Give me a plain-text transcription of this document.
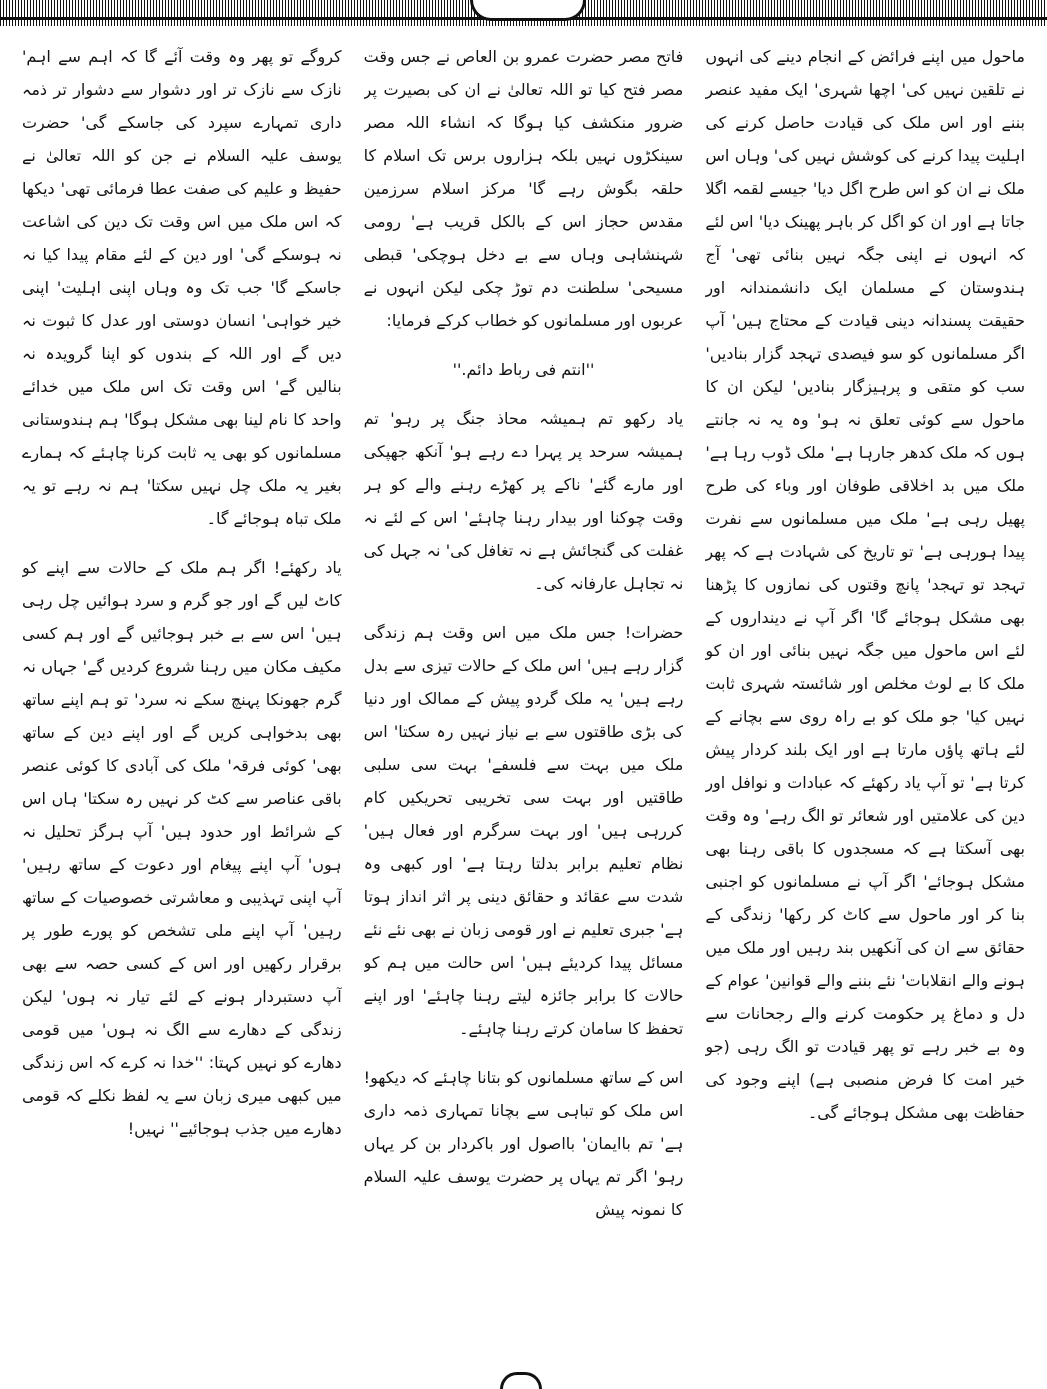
ماحول میں اپنے فرائض کے انجام دینے کی انہوں نے تلقین نہیں کی' اچھا شہری' ایک مفید عنصر بننے اور اس ملک کی قیادت حاصل کرنے کی اہلیت پیدا کرنے کی کوشش نہیں کی' وہاں اس ملک نے ان کو اس طرح اگل دیا' جیسے لقمہ اگلا جاتا ہے اور ان کو اگل کر باہر پھینک دیا' اس لئے کہ انہوں نے اپنی جگہ نہیں بنائی تھی' آج ہندوستان کے مسلمان ایک دانشمندانہ اور حقیقت پسندانہ دینی قیادت کے محتاج ہیں' آپ اگر مسلمانوں کو سو فیصدی تہجد گزار بنادیں' سب کو متقی و پرہیزگار بنادیں' لیکن ان کا ماحول سے کوئی تعلق نہ ہو' وہ یہ نہ جانتے ہوں کہ ملک کدھر جارہا ہے' ملک ڈوب رہا ہے' ملک میں بد اخلاقی طوفان اور وباء کی طرح پھیل رہی ہے' ملک میں مسلمانوں سے نفرت پیدا ہورہی ہے' تو تاریخ کی شہادت ہے کہ پھر تہجد تو تہجد' پانچ وقتوں کی نمازوں کا پڑھنا بھی مشکل ہوجائے گا' اگر آپ نے دینداروں کے لئے اس ماحول میں جگہ نہیں بنائی اور ان کو ملک کا بے لوث مخلص اور شائستہ شہری ثابت نہیں کیا' جو ملک کو بے راہ روی سے بچانے کے لئے ہاتھ پاؤں مارتا ہے اور ایک بلند کردار پیش کرتا ہے' تو آپ یاد رکھئے کہ عبادات و نوافل اور دین کی علامتیں اور شعائر تو الگ رہے' وہ وقت بھی آسکتا ہے کہ مسجدوں کا باقی رہنا بھی مشکل ہوجائے' اگر آپ نے مسلمانوں کو اجنبی بنا کر اور ماحول سے کاٹ کر رکھا' زندگی کے حقائق سے ان کی آنکھیں بند رہیں اور ملک میں ہونے والے انقلابات' نئے بننے والے قوانین' عوام کے دل و دماغ پر حکومت کرنے والے رجحانات سے وہ بے خبر رہے تو پھر قیادت تو الگ رہی (جو خیر امت کا فرض منصبی ہے) اپنے وجود کی حفاظت بھی مشکل ہوجائے گی۔

فاتح مصر حضرت عمرو بن العاص نے جس وقت مصر فتح کیا تو اللہ تعالیٰ نے ان کی بصیرت پر ضرور منکشف کیا ہوگا کہ انشاء اللہ مصر سینکڑوں نہیں بلکہ ہزاروں برس تک اسلام کا حلقہ بگوش رہے گا' مرکز اسلام سرزمین مقدس حجاز اس کے بالکل قریب ہے' رومی شہنشاہی وہاں سے بے دخل ہوچکی' قبطی مسیحی' سلطنت دم توڑ چکی لیکن انہوں نے عربوں اور مسلمانوں کو خطاب کرکے فرمایا:

''انتم فی رباط دائم.''

یاد رکھو تم ہمیشہ محاذ جنگ پر رہو' تم ہمیشہ سرحد پر پہرا دے رہے ہو' آنکھ جھپکی اور مارے گئے' ناکے پر کھڑے رہنے والے کو ہر وقت چوکنا اور بیدار رہنا چاہئے' اس کے لئے نہ غفلت کی گنجائش ہے نہ تغافل کی' نہ جہل کی نہ تجاہل عارفانہ کی۔

حضرات! جس ملک میں اس وقت ہم زندگی گزار رہے ہیں' اس ملک کے حالات تیزی سے بدل رہے ہیں' یہ ملک گردو پیش کے ممالک اور دنیا کی بڑی طاقتوں سے بے نیاز نہیں رہ سکتا' اس ملک میں بہت سے فلسفے' بہت سی سلبی طاقتیں اور بہت سی تخریبی تحریکیں کام کررہی ہیں' اور بہت سرگرم اور فعال ہیں' نظام تعلیم برابر بدلتا رہتا ہے' اور کبھی وہ شدت سے عقائد و حقائق دینی پر اثر انداز ہوتا ہے' جبری تعلیم نے اور قومی زبان نے بھی نئے نئے مسائل پیدا کردیئے ہیں' اس حالت میں ہم کو حالات کا برابر جائزہ لیتے رہنا چاہئے' اور اپنے تحفظ کا سامان کرتے رہنا چاہئے۔

اس کے ساتھ مسلمانوں کو بتانا چاہئے کہ دیکھو! اس ملک کو تباہی سے بچانا تمہاری ذمہ داری ہے' تم باایمان' بااصول اور باکردار بن کر یہاں رہو' اگر تم یہاں پر حضرت یوسف علیہ السلام کا نمونہ پیش

کروگے تو پھر وہ وقت آئے گا کہ اہم سے اہم' نازک سے نازک تر اور دشوار سے دشوار تر ذمہ داری تمہارے سپرد کی جاسکے گی' حضرت یوسف علیہ السلام نے جن کو اللہ تعالیٰ نے حفیظ و علیم کی صفت عطا فرمائی تھی' دیکھا کہ اس ملک میں اس وقت تک دین کی اشاعت نہ ہوسکے گی' اور دین کے لئے مقام پیدا کیا نہ جاسکے گا' جب تک وہ وہاں اپنی اہلیت' اپنی خیر خواہی' انسان دوستی اور عدل کا ثبوت نہ دیں گے اور اللہ کے بندوں کو اپنا گرویدہ نہ بنالیں گے' اس وقت تک اس ملک میں خدائے واحد کا نام لینا بھی مشکل ہوگا' ہم ہندوستانی مسلمانوں کو بھی یہ ثابت کرنا چاہئے کہ ہمارے بغیر یہ ملک چل نہیں سکتا' ہم نہ رہے تو یہ ملک تباہ ہوجائے گا۔

یاد رکھئے! اگر ہم ملک کے حالات سے اپنے کو کاٹ لیں گے اور جو گرم و سرد ہوائیں چل رہی ہیں' اس سے بے خبر ہوجائیں گے اور ہم کسی مکیف مکان میں رہنا شروع کردیں گے' جہاں نہ گرم جھونکا پہنچ سکے نہ سرد' تو ہم اپنے ساتھ بھی بدخواہی کریں گے اور اپنے دین کے ساتھ بھی' کوئی فرقہ' ملک کی آبادی کا کوئی عنصر باقی عناصر سے کٹ کر نہیں رہ سکتا' ہاں اس کے شرائط اور حدود ہیں' آپ ہرگز تحلیل نہ ہوں' آپ اپنے پیغام اور دعوت کے ساتھ رہیں' آپ اپنی تہذیبی و معاشرتی خصوصیات کے ساتھ رہیں' آپ اپنے ملی تشخص کو پورے طور پر برقرار رکھیں اور اس کے کسی حصہ سے بھی آپ دستبردار ہونے کے لئے تیار نہ ہوں' لیکن زندگی کے دھارے سے الگ نہ ہوں' میں قومی دھارے کو نہیں کہتا: ''خدا نہ کرے کہ اس زندگی میں کبھی میری زبان سے یہ لفظ نکلے کہ قومی دھارے میں جذب ہوجائیے'' نہیں!
